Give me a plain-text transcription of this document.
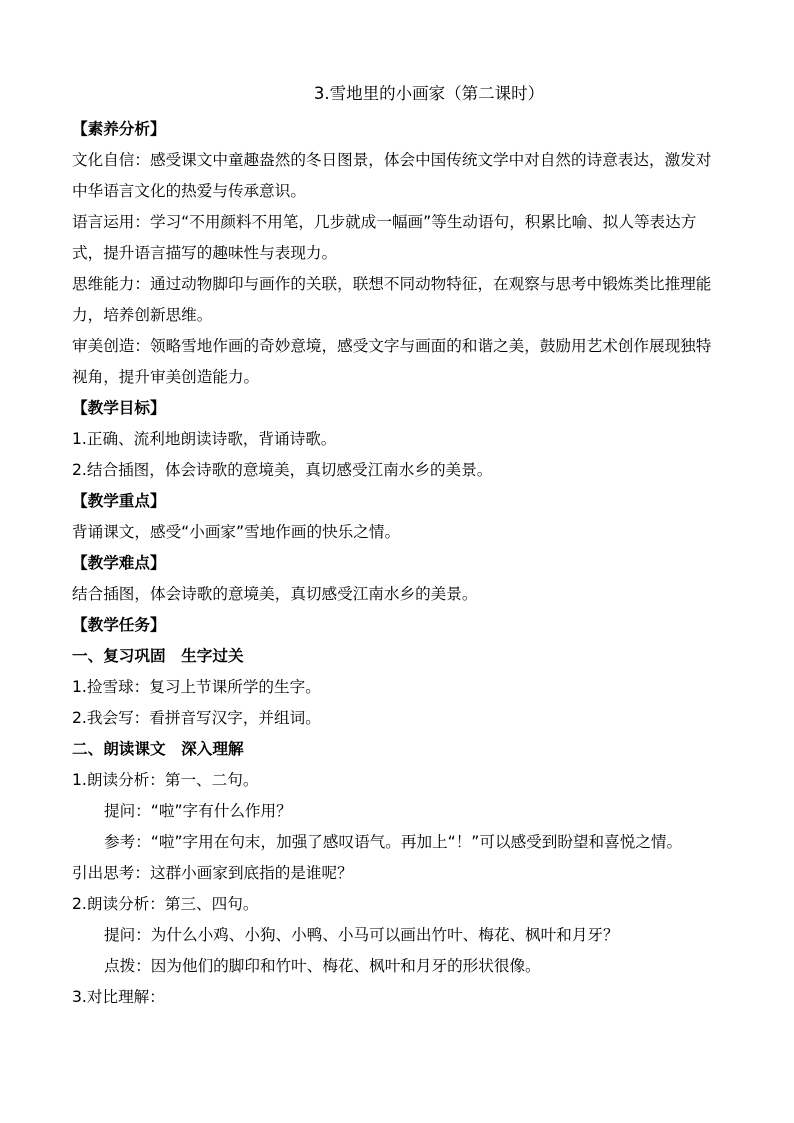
3.雪地里的小画家（第二课时）
【素养分析】
文化自信：感受课文中童趣盎然的冬日图景，体会中国传统文学中对自然的诗意表达，激发对
中华语言文化的热爱与传承意识。
语言运用：学习“不用颜料不用笔，几步就成一幅画”等生动语句，积累比喻、拟人等表达方
式，提升语言描写的趣味性与表现力。
思维能力：通过动物脚印与画作的关联，联想不同动物特征，在观察与思考中锻炼类比推理能
力，培养创新思维。
审美创造：领略雪地作画的奇妙意境，感受文字与画面的和谐之美，鼓励用艺术创作展现独特
视角，提升审美创造能力。
【教学目标】
1.正确、流利地朗读诗歌，背诵诗歌。
2.结合插图，体会诗歌的意境美，真切感受江南水乡的美景。
【教学重点】
背诵课文，感受“小画家”雪地作画的快乐之情。
【教学难点】
结合插图，体会诗歌的意境美，真切感受江南水乡的美景。
【教学任务】
一、复习巩固　生字过关
1.捡雪球：复习上节课所学的生字。
2.我会写：看拼音写汉字，并组词。
二、朗读课文　深入理解
1.朗读分析：第一、二句。
提问：“啦”字有什么作用？
参考：“啦”字用在句末，加强了感叹语气。再加上“！”可以感受到盼望和喜悦之情。
引出思考：这群小画家到底指的是谁呢？
2.朗读分析：第三、四句。
提问：为什么小鸡、小狗、小鸭、小马可以画出竹叶、梅花、枫叶和月牙？
点拨：因为他们的脚印和竹叶、梅花、枫叶和月牙的形状很像。
3.对比理解：
